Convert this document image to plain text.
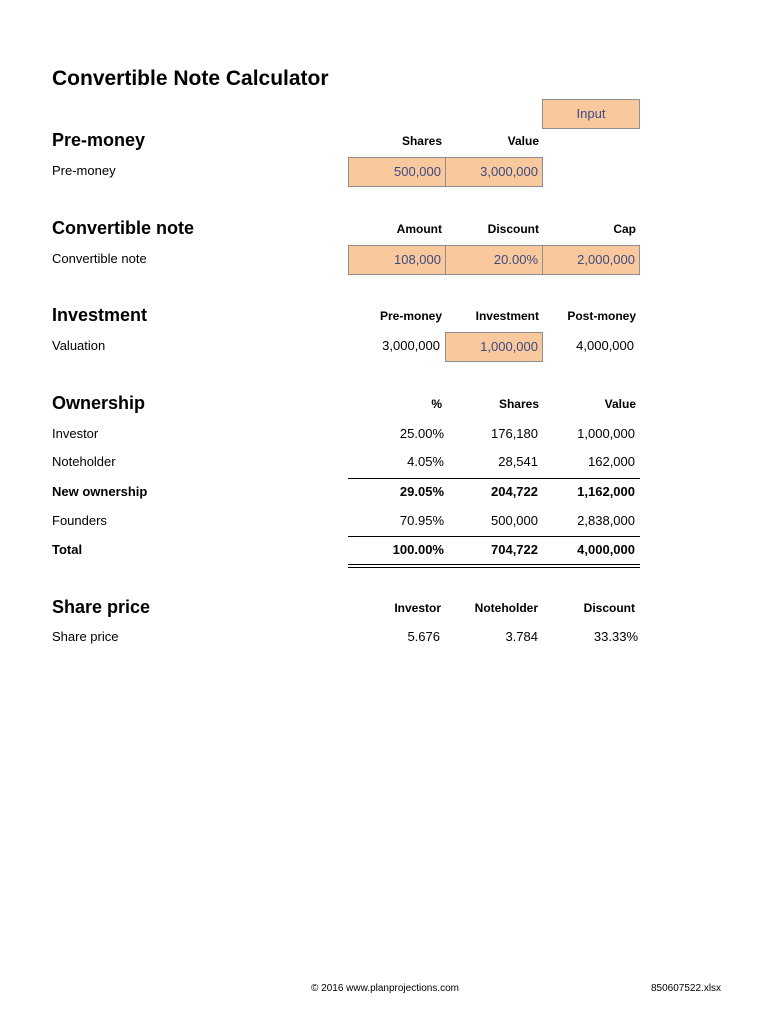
Convertible Note Calculator
Input
Pre-money	Shares	Value
Pre-money	500,000	3,000,000
Convertible note	Amount	Discount	Cap
Convertible note	108,000	20.00%	2,000,000
Investment	Pre-money	Investment	Post-money
Valuation	3,000,000	1,000,000	4,000,000
Ownership	%	Shares	Value
Investor	25.00%	176,180	1,000,000
Noteholder	4.05%	28,541	162,000
New ownership	29.05%	204,722	1,162,000
Founders	70.95%	500,000	2,838,000
Total	100.00%	704,722	4,000,000
Share price	Investor	Noteholder	Discount
Share price	5.676	3.784	33.33%
© 2016 www.planprojections.com	850607522.xlsx
